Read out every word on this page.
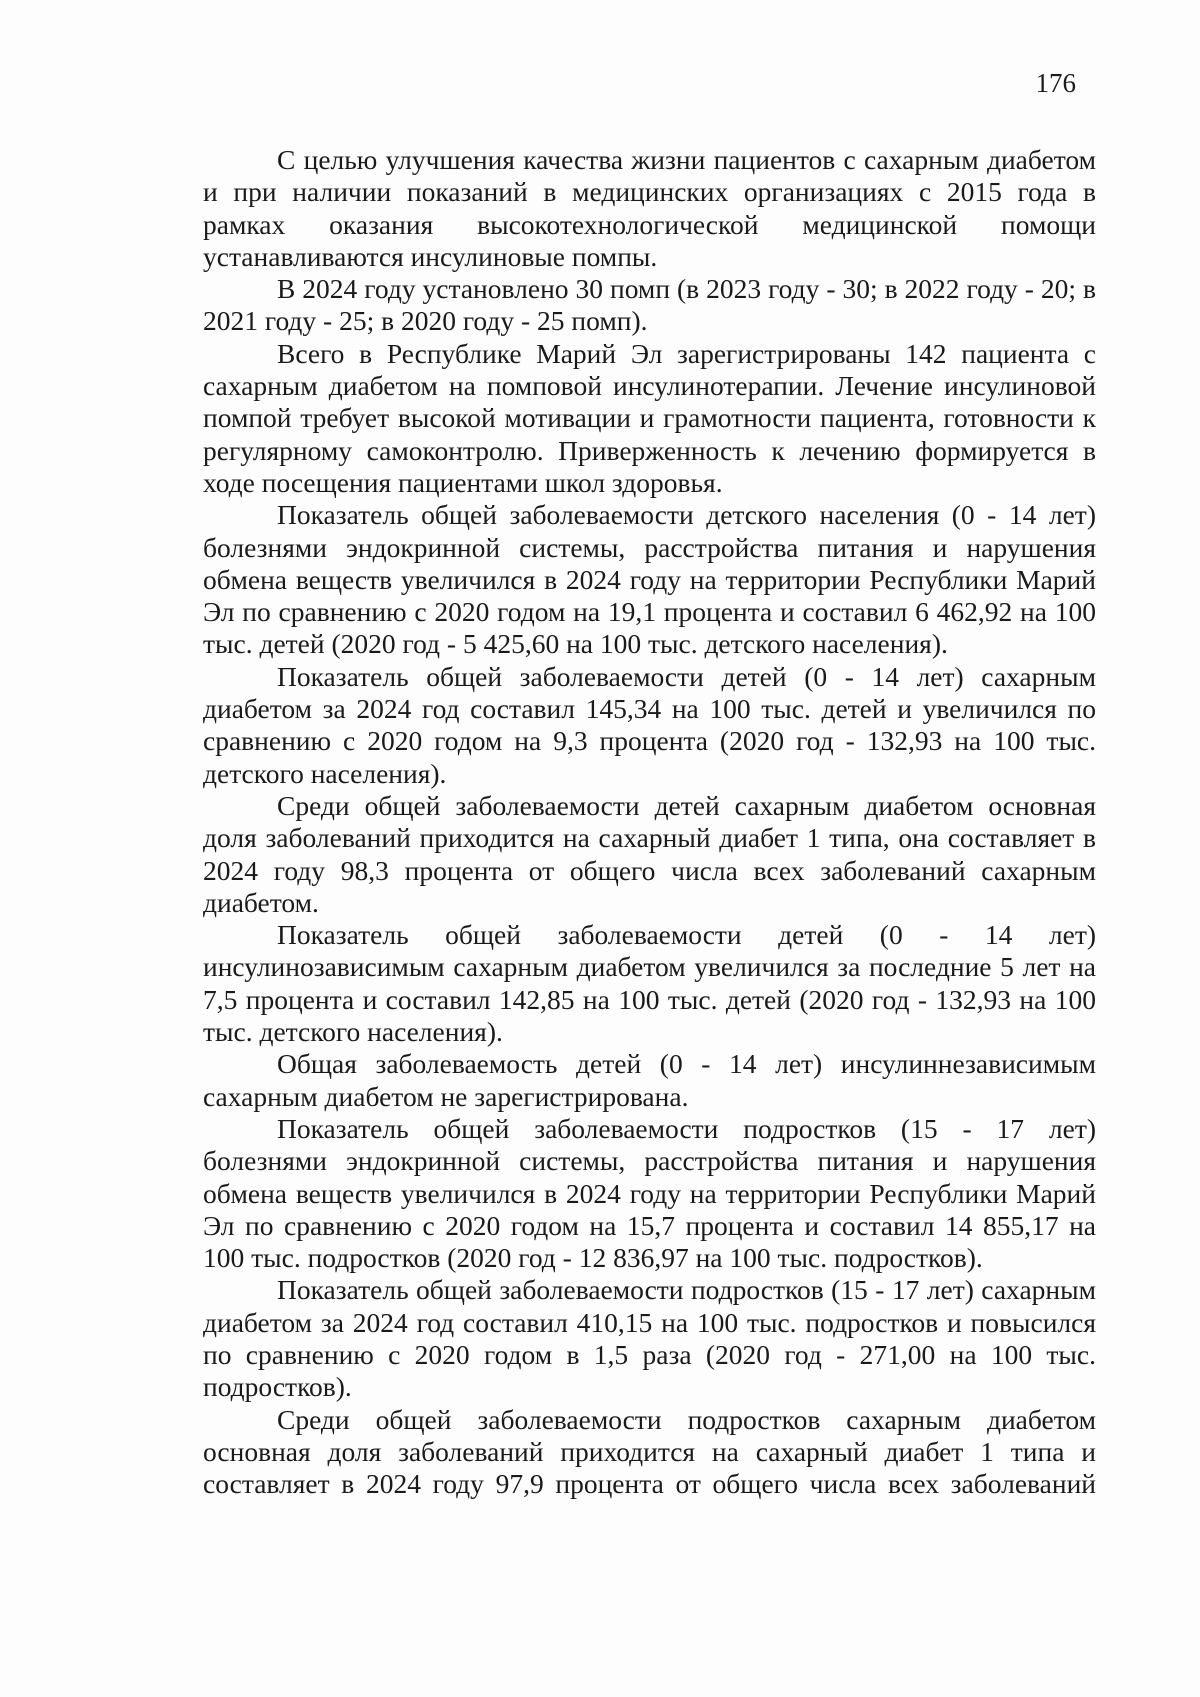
176

С целью улучшения качества жизни пациентов с сахарным диабетом и при наличии показаний в медицинских организациях с 2015 года в рамках оказания высокотехнологической медицинской помощи устанавливаются инсулиновые помпы.

В 2024 году установлено 30 помп (в 2023 году - 30; в 2022 году - 20; в 2021 году - 25; в 2020 году - 25 помп).

Всего в Республике Марий Эл зарегистрированы 142 пациента с сахарным диабетом на помповой инсулинотерапии. Лечение инсулиновой помпой требует высокой мотивации и грамотности пациента, готовности к регулярному самоконтролю. Приверженность к лечению формируется в ходе посещения пациентами школ здоровья.

Показатель общей заболеваемости детского населения (0 - 14 лет) болезнями эндокринной системы, расстройства питания и нарушения обмена веществ увеличился в 2024 году на территории Республики Марий Эл по сравнению с 2020 годом на 19,1 процента и составил 6 462,92 на 100 тыс. детей (2020 год - 5 425,60 на 100 тыс. детского населения).

Показатель общей заболеваемости детей (0 - 14 лет) сахарным диабетом за 2024 год составил 145,34 на 100 тыс. детей и увеличился по сравнению с 2020 годом на 9,3 процента (2020 год - 132,93 на 100 тыс. детского населения).

Среди общей заболеваемости детей сахарным диабетом основная доля заболеваний приходится на сахарный диабет 1 типа, она составляет в 2024 году 98,3 процента от общего числа всех заболеваний сахарным диабетом.

Показатель общей заболеваемости детей (0 - 14 лет) инсулинозависимым сахарным диабетом увеличился за последние 5 лет на 7,5 процента и составил 142,85 на 100 тыс. детей (2020 год - 132,93 на 100 тыс. детского населения).

Общая заболеваемость детей (0 - 14 лет) инсулиннезависимым сахарным диабетом не зарегистрирована.

Показатель общей заболеваемости подростков (15 - 17 лет) болезнями эндокринной системы, расстройства питания и нарушения обмена веществ увеличился в 2024 году на территории Республики Марий Эл по сравнению с 2020 годом на 15,7 процента и составил 14 855,17 на 100 тыс. подростков (2020 год - 12 836,97 на 100 тыс. подростков).

Показатель общей заболеваемости подростков (15 - 17 лет) сахарным диабетом за 2024 год составил 410,15 на 100 тыс. подростков и повысился по сравнению с 2020 годом в 1,5 раза (2020 год - 271,00 на 100 тыс. подростков).

Среди общей заболеваемости подростков сахарным диабетом основная доля заболеваний приходится на сахарный диабет 1 типа и составляет в 2024 году 97,9 процента от общего числа всех заболеваний
